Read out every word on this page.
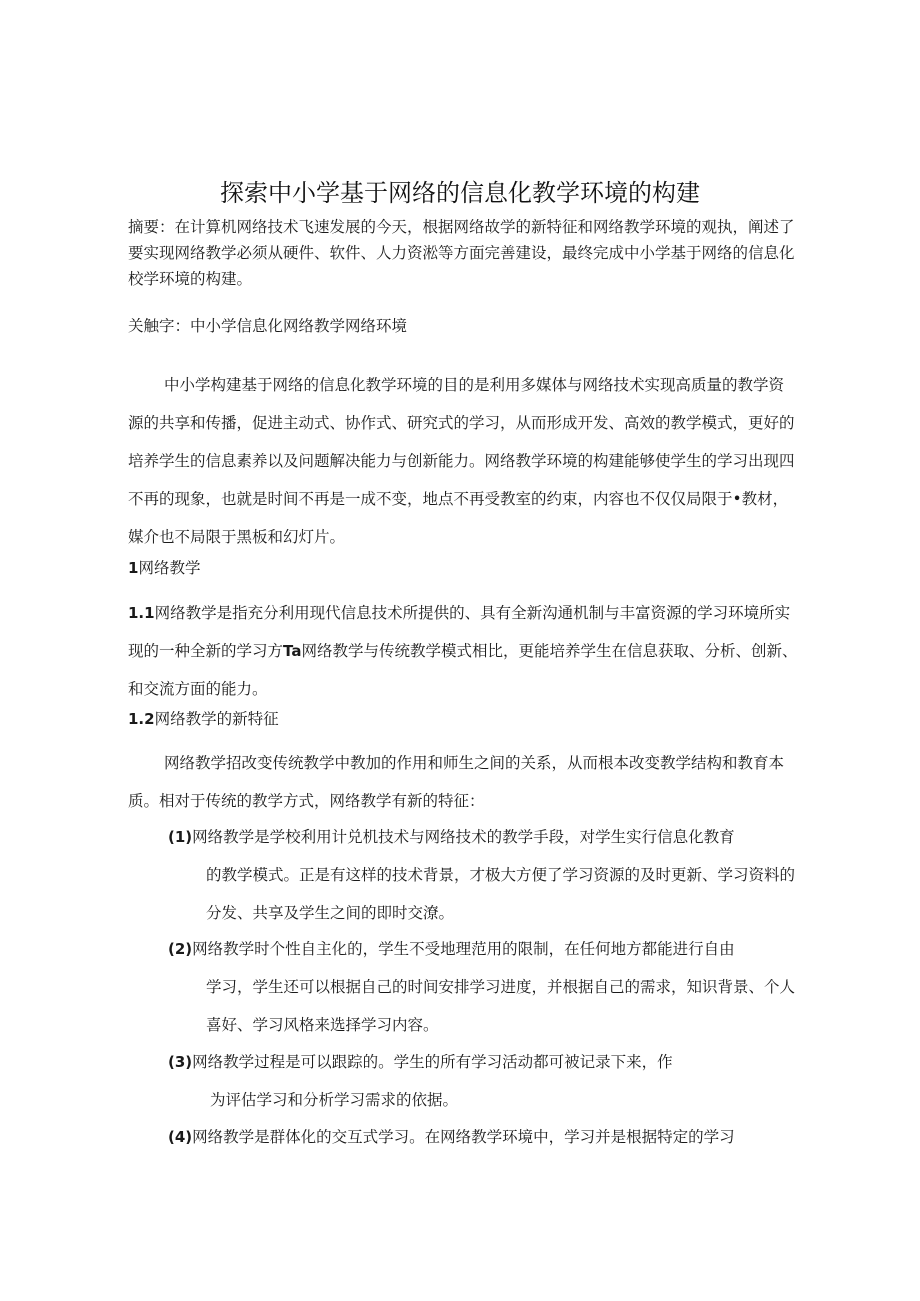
探索中小学基于网络的信息化教学环境的构建

摘要：在计算机网络技术飞速发展的今天，根据网络故学的新特征和网络教学环境的观执，阐述了要实现网络教学必须从硬件、软件、人力资淞等方面完善建设，最终完成中小学基于网络的信息化校学环境的构建。

关触字：中小学信息化网络教学网络环境

中小学构建基于网络的信息化教学环境的目的是利用多媒体与网络技术实现高质量的教学资源的共享和传播，促进主动式、协作式、研究式的学习，从而形成开发、高效的教学模式，更好的培养学生的信息素养以及问题解决能力与创新能力。网络教学环境的构建能够使学生的学习出现四不再的现象，也就是时间不再是一成不变，地点不再受教室的约束，内容也不仅仅局限于•教材，媒介也不局限于黑板和幻灯片。

1网络教学

1.1网络教学是指充分利用现代信息技术所提供的、具有全新沟通机制与丰富资源的学习环境所实现的一种全新的学习方Ta网络教学与传统教学模式相比，更能培养学生在信息获取、分析、创新、和交流方面的能力。

1.2网络教学的新特征

网络教学招改变传统教学中教加的作用和师生之间的关系，从而根本改变教学结构和教育本质。相对于传统的教学方式，网络教学有新的特征：

(1)网络教学是学校利用计兑机技术与网络技术的教学手段，对学生实行信息化教育
的教学模式。正是有这样的技术背景，才极大方便了学习资源的及时更新、学习资料的分发、共享及学生之间的即时交潦。
(2)网络教学时个性自主化的，学生不受地理范用的限制，在任何地方都能进行自由
学习，学生还可以根据自己的时间安排学习进度，并根据自己的需求，知识背景、个人喜好、学习风格来选择学习内容。
(3)网络教学过程是可以跟踪的。学生的所有学习活动都可被记录下来，作
为评估学习和分析学习需求的依据。
(4)网络教学是群体化的交互式学习。在网络教学环境中，学习并是根据特定的学习
